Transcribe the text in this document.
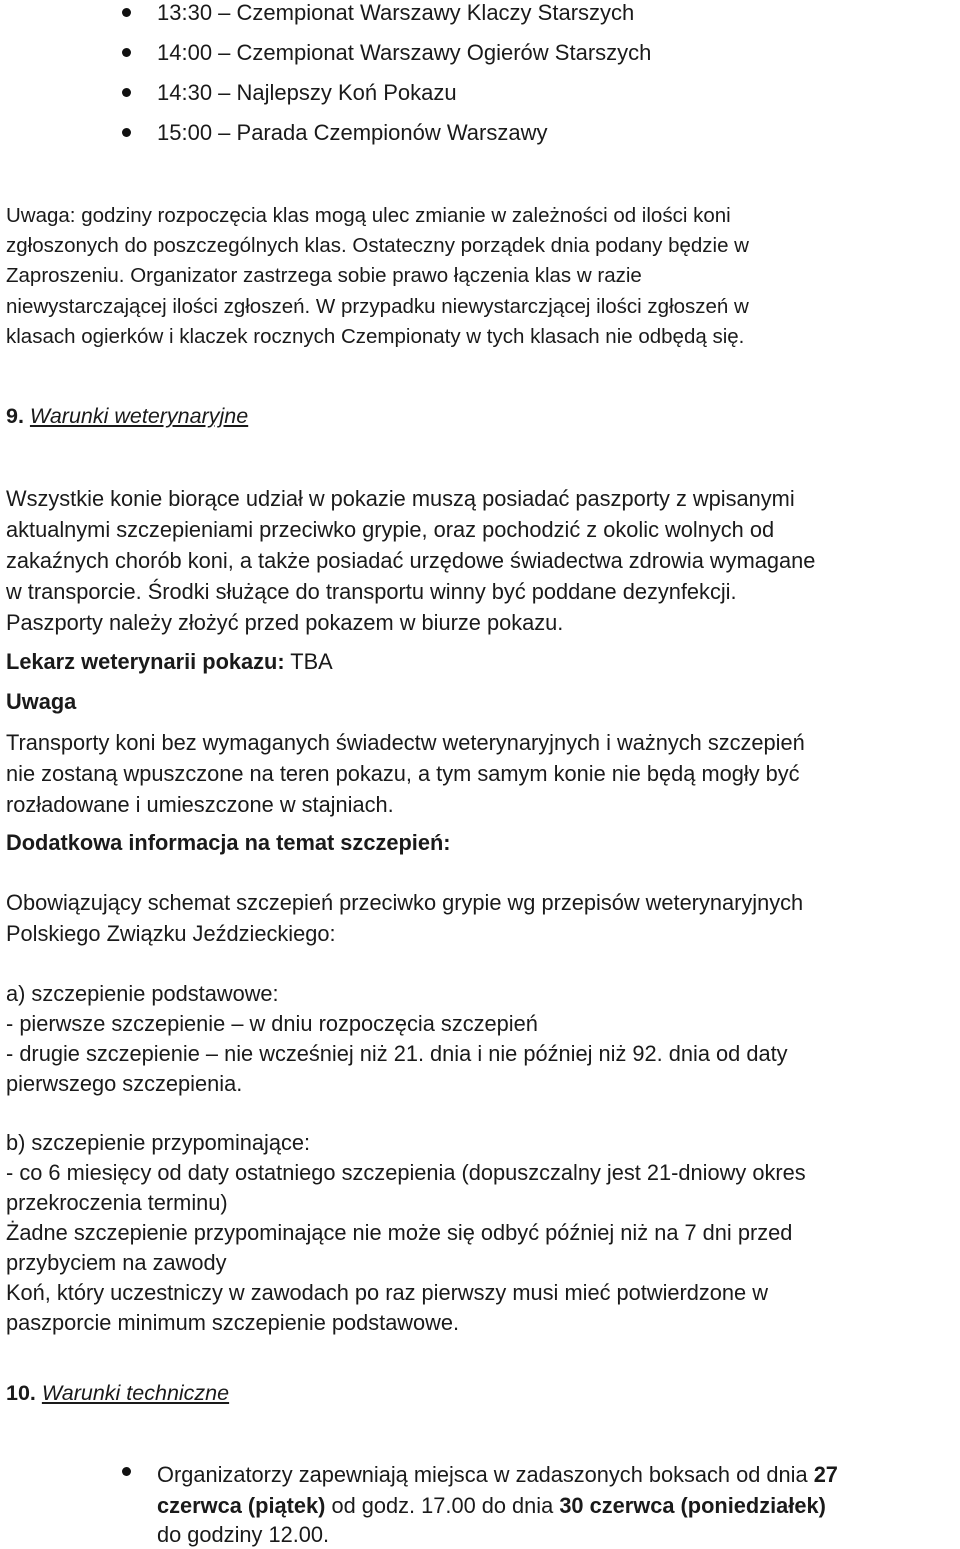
13:30 – Czempionat Warszawy Klaczy Starszych
14:00 – Czempionat Warszawy Ogierów Starszych
14:30 – Najlepszy Koń Pokazu
15:00 – Parada Czempionów Warszawy
Uwaga: godziny rozpoczęcia klas mogą ulec zmianie w zależności od ilości koni
zgłoszonych do poszczególnych klas. Ostateczny porządek dnia podany będzie w
Zaproszeniu. Organizator zastrzega sobie prawo łączenia klas w razie
niewystarczającej ilości zgłoszeń. W przypadku niewystarczjącej ilości zgłoszeń w
klasach ogierków i klaczek rocznych Czempionaty w tych klasach nie odbędą się.
9. Warunki weterynaryjne
Wszystkie konie biorące udział w pokazie muszą posiadać paszporty z wpisanymi
aktualnymi szczepieniami przeciwko grypie, oraz pochodzić z okolic wolnych od
zakaźnych chorób koni, a także posiadać urzędowe świadectwa zdrowia wymagane
w transporcie. Środki służące do transportu winny być poddane dezynfekcji.
Paszporty należy złożyć przed pokazem w biurze pokazu.
Lekarz weterynarii pokazu: TBA
Uwaga
Transporty koni bez wymaganych świadectw weterynaryjnych i ważnych szczepień
nie zostaną wpuszczone na teren pokazu, a tym samym konie nie będą mogły być
rozładowane i umieszczone w stajniach.
Dodatkowa informacja na temat szczepień:
Obowiązujący schemat szczepień przeciwko grypie wg przepisów weterynaryjnych
Polskiego Związku Jeździeckiego:
a) szczepienie podstawowe:
- pierwsze szczepienie – w dniu rozpoczęcia szczepień
- drugie szczepienie – nie wcześniej niż 21. dnia i nie później niż 92. dnia od daty
pierwszego szczepienia.
b) szczepienie przypominające:
- co 6 miesięcy od daty ostatniego szczepienia (dopuszczalny jest 21-dniowy okres
przekroczenia terminu)
Żadne szczepienie przypominające nie może się odbyć później niż na 7 dni przed
przybyciem na zawody
Koń, który uczestniczy w zawodach po raz pierwszy musi mieć potwierdzone w
paszporcie minimum szczepienie podstawowe.
10. Warunki techniczne
Organizatorzy zapewniają miejsca w zadaszonych boksach od dnia 27
czerwca (piątek) od godz. 17.00 do dnia 30 czerwca (poniedziałek)
do godziny 12.00.
